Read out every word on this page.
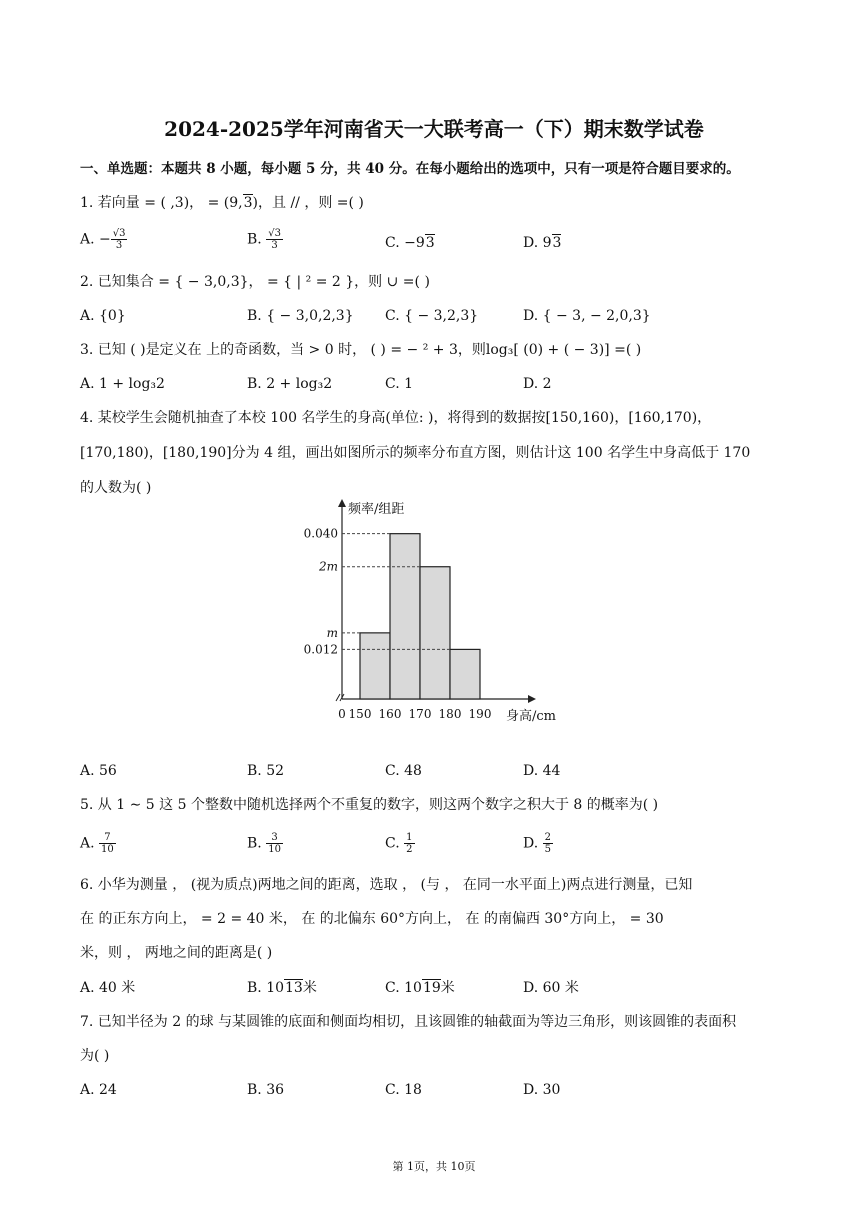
2024-2025学年河南省天一大联考高一（下）期末数学试卷
一、单选题：本题共 8 小题，每小题 5 分，共 40 分。在每小题给出的选项中，只有一项是符合题目要求的。
1. 若向量 = ( ,3)， = (9,3)，且 // ，则 =( )
A. − $\frac{√3}{3}$	B. $\frac{√3}{3}$	C. −93	D. 93
2. 已知集合 = { − 3,0,3}， = { | ² = 2 }，则 ∪ =( )
A. {0}	B. { − 3,0,2,3} C. { − 3,2,3}	D. { − 3, − 2,0,3}
3. 已知 ( )是定义在 上的奇函数，当 > 0 时， ( ) = − ² + 3，则log₃[ (0) + ( − 3)] =( )
A. 1 + log₃2	B. 2 + log₃2	C. 1	D. 2
4. 某校学生会随机抽查了本校 100 名学生的身高(单位: )，将得到的数据按[150,160)，[160,170)，
[170,180)，[180,190]分为 4 组，画出如图所示的频率分布直方图，则估计这 100 名学生中身高低于 170
的人数为( )
0.040
2m
m
0.012
0 150 160 170 180 190
频率/组距
身高/cm
A. 56	B. 52	C. 48	D. 44
5. 从 1 ∼ 5 这 5 个整数中随机选择两个不重复的数字，则这两个数字之积大于 8 的概率为( )
A. $\frac{7}{10}$	B. $\frac{3}{10}$	C. $\frac{1}{2}$	D. $\frac{2}{5}$
6. 小华为测量 ， (视为质点)两地之间的距离，选取 ， (与 ， 在同一水平面上)两点进行测量，已知
在 的正东方向上， = 2 = 40 米， 在 的北偏东 60°方向上， 在 的南偏西 30°方向上， = 30
米，则 ， 两地之间的距离是( )
A. 40 米	B. 1013米	C. 1019米	D. 60 米
7. 已知半径为 2 的球 与某圆锥的底面和侧面均相切，且该圆锥的轴截面为等边三角形，则该圆锥的表面积
为( )
A. 24	B. 36	C. 18	D. 30
第 1页，共 10页
